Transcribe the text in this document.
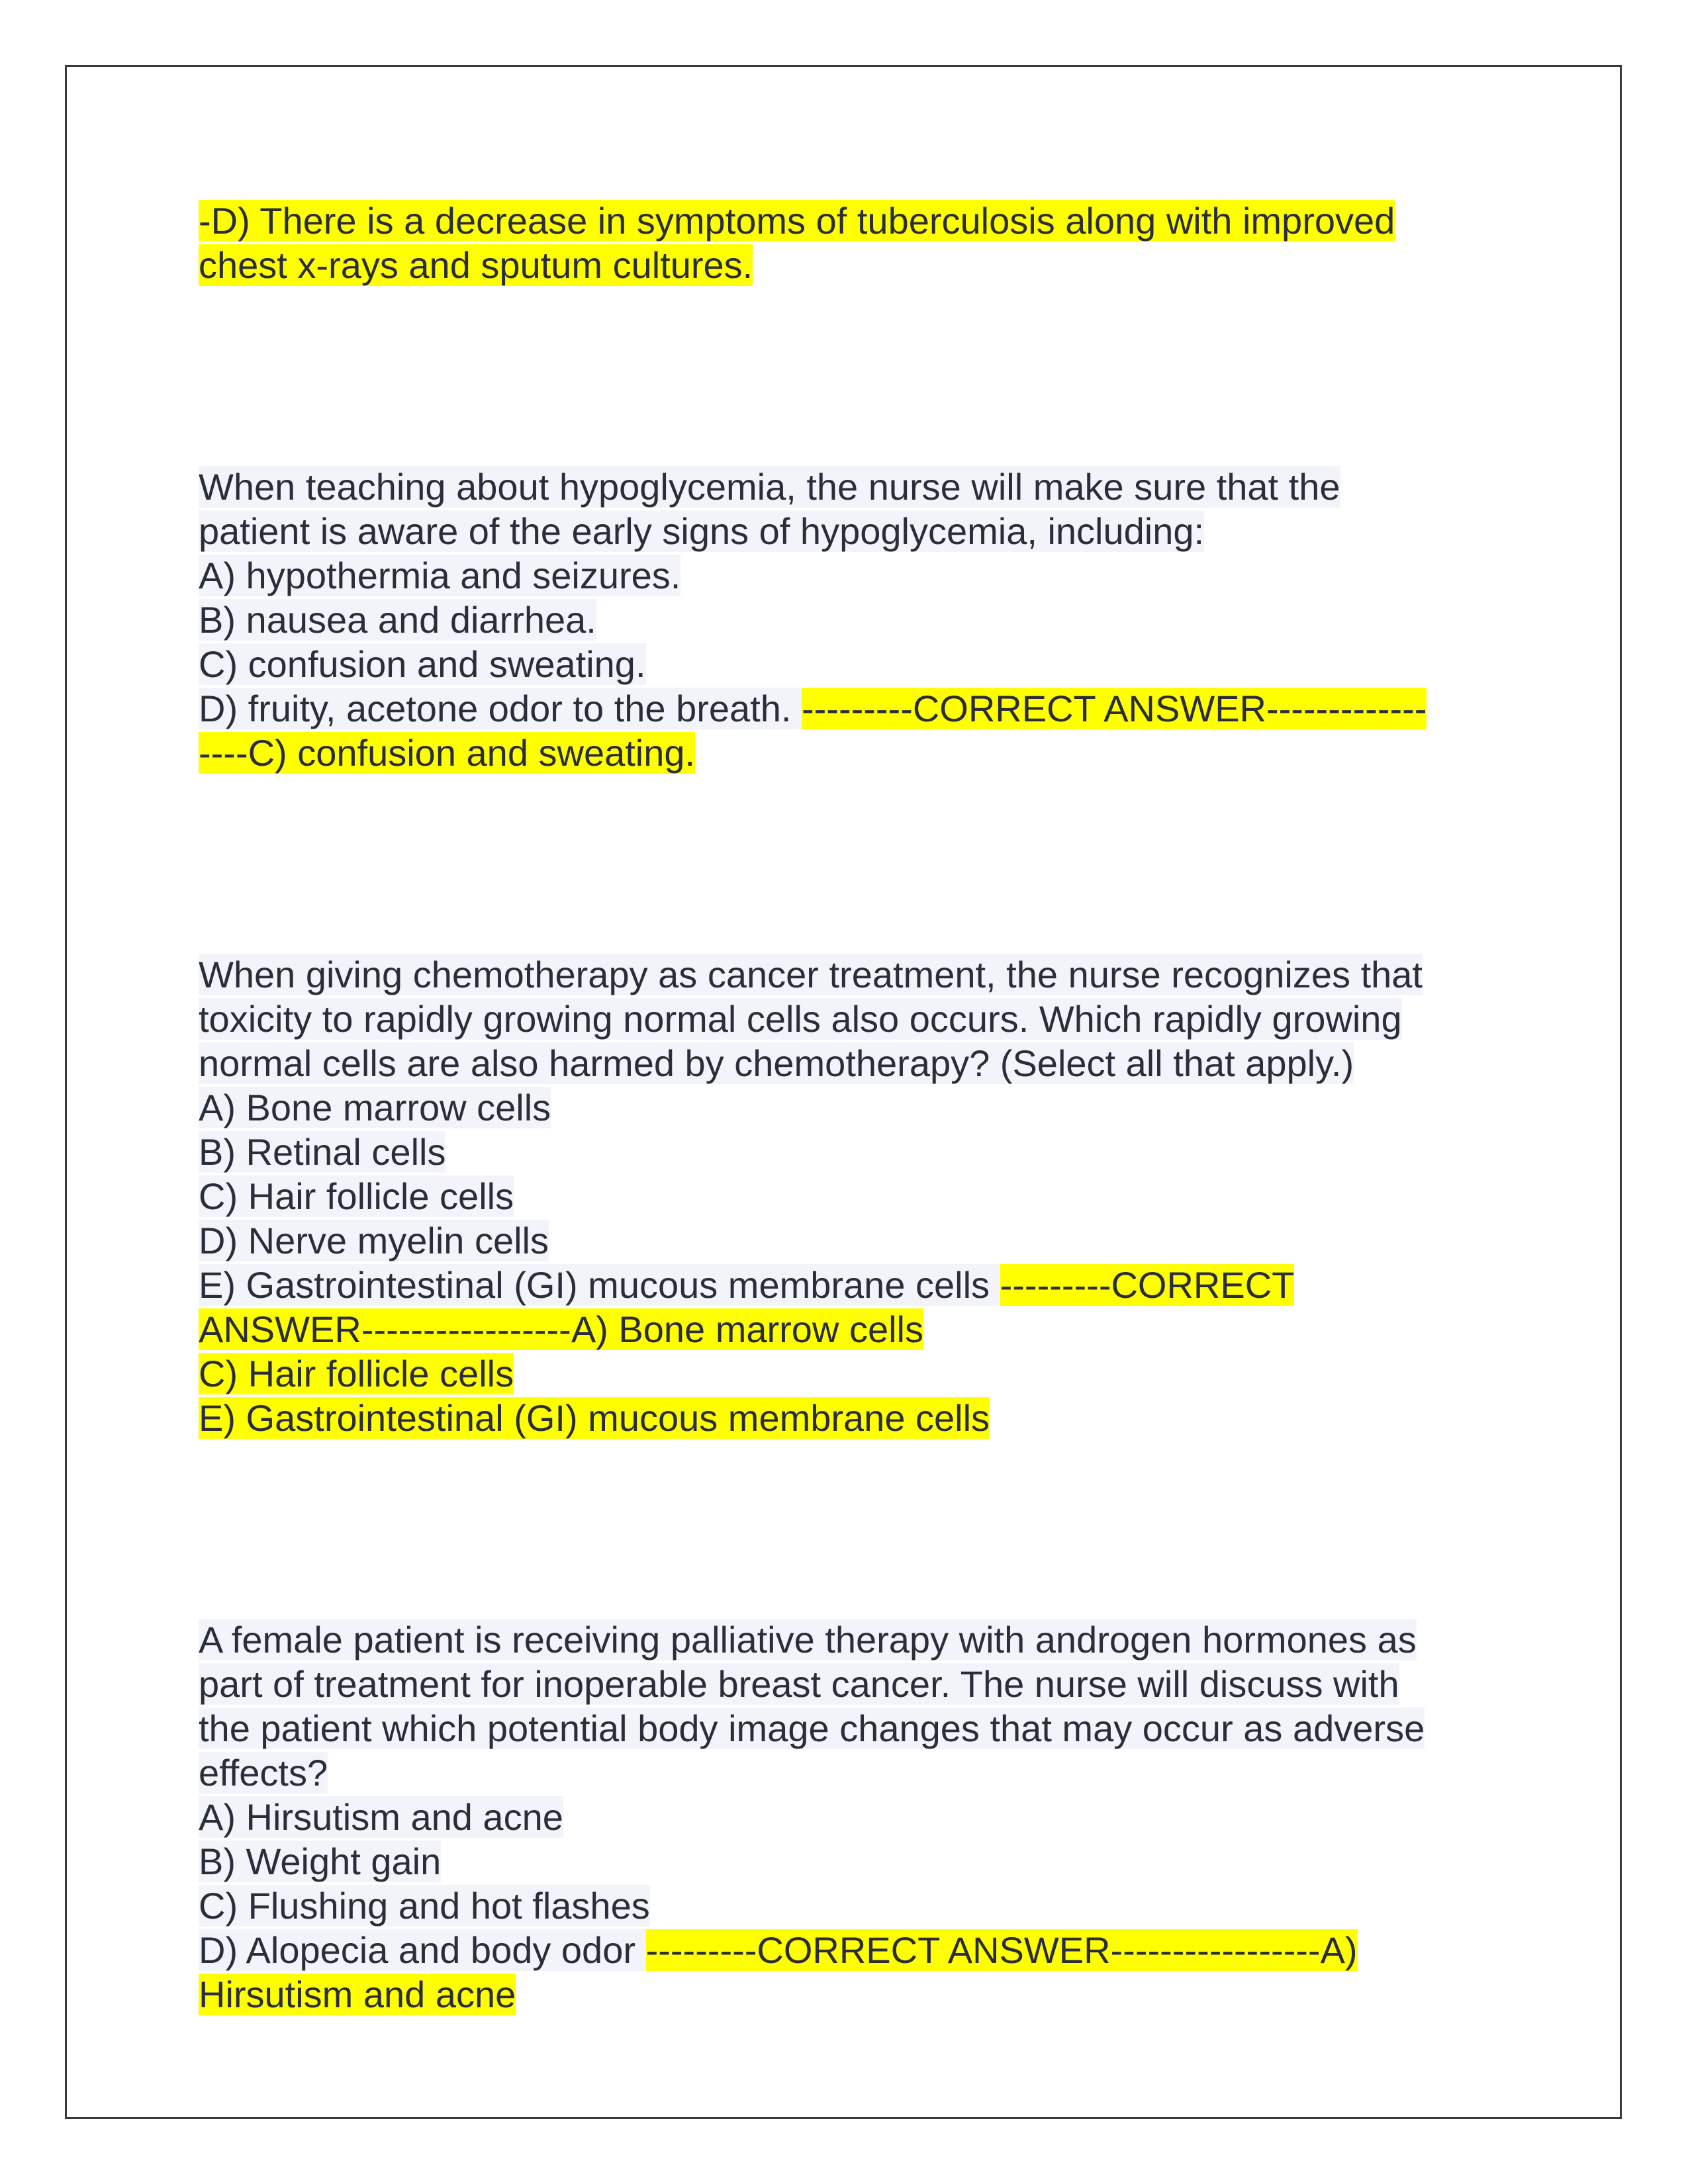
-D) There is a decrease in symptoms of tuberculosis along with improved
chest x-rays and sputum cultures.
When teaching about hypoglycemia, the nurse will make sure that the
patient is aware of the early signs of hypoglycemia, including:
A) hypothermia and seizures.
B) nausea and diarrhea.
C) confusion and sweating.
D) fruity, acetone odor to the breath. ---------CORRECT ANSWER-------------
----C) confusion and sweating.
When giving chemotherapy as cancer treatment, the nurse recognizes that
toxicity to rapidly growing normal cells also occurs. Which rapidly growing
normal cells are also harmed by chemotherapy? (Select all that apply.)
A) Bone marrow cells
B) Retinal cells
C) Hair follicle cells
D) Nerve myelin cells
E) Gastrointestinal (GI) mucous membrane cells ---------CORRECT
ANSWER-----------------A) Bone marrow cells
C) Hair follicle cells
E) Gastrointestinal (GI) mucous membrane cells
A female patient is receiving palliative therapy with androgen hormones as
part of treatment for inoperable breast cancer. The nurse will discuss with
the patient which potential body image changes that may occur as adverse
effects?
A) Hirsutism and acne
B) Weight gain
C) Flushing and hot flashes
D) Alopecia and body odor ---------CORRECT ANSWER-----------------A)
Hirsutism and acne
